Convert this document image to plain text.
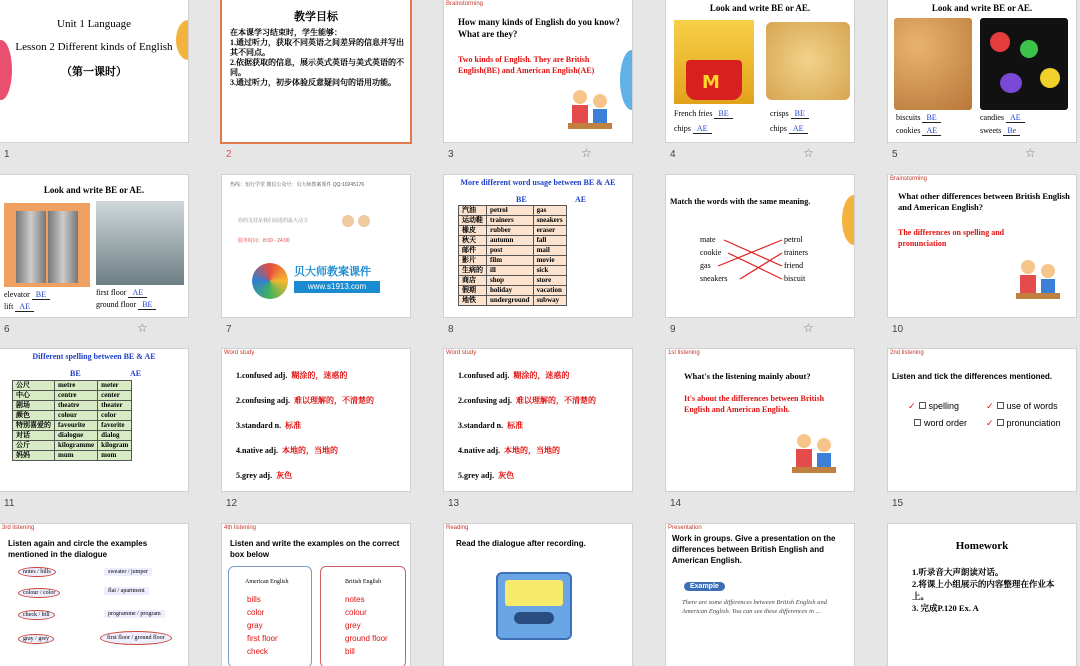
Unit 1 Language
Lesson 2 Different kinds of English
（第一课时）
1
教学目标
在本课学习结束时，学生能够：
1.通过听力，获取不同英语之间差异的信息并写出其不同点。
2.依据获取的信息，展示英式英语与美式英语的不同。
3.通过听力，初步体验反意疑问句的语用功能。
2
Brainstorming
How many kinds of English do you know? What are they?
Two kinds of English. They are British English(BE) and American English(AE)
3	☆
Look and write BE or AE.
M
French fries BE
chips AE
crisps BE
chips AE
4	☆
Look and write BE or AE.
biscuits BE
cookies AE
candies AE
sweets Be
5	☆
Look and write BE or AE.
elevator BE
lift AE
first floor AE
ground floor BE
6	☆
热线：知行学堂 微信公众号：贝大师教案课件 QQ:10245176
你的支持是我们前进的最大动力
服务时间：8:00 - 24:00
贝大师教案课件
www.s1913.com
7
More different word usage between BE & AE
BE	AE
汽油	petrol	gas
运动鞋	trainers	sneakers
橡皮	rubber	eraser
秋天	autumn	fall
邮件	post	mail
影片	film	movie
生病的	ill	sick
商店	shop	store
假期	holiday	vacation
地铁	underground	subway
8
Match the words with the same meaning.
mate
cookie
gas
sneakers
petrol
trainers
friend
biscuit
9	☆
Brainstorming
What other differences between British English and American English?
The differences on spelling and pronunciation
10
Different spelling between BE & AE
BE	AE
公尺	metre	meter
中心	centre	center
剧场	theatre	theater
颜色	colour	color
特别喜爱的	favourite	favorite
对话	dialogue	dialog
公斤	kilogramme	kilogram
妈妈	mum	mom
11
Word study
1.confused adj. 糊涂的，迷惑的
2.confusing adj. 难以理解的，不清楚的
3.standard n. 标准
4.native adj. 本地的，当地的
5.grey adj. 灰色
12
Word study
1.confused adj. 糊涂的，迷惑的
2.confusing adj. 难以理解的，不清楚的
3.standard n. 标准
4.native adj. 本地的，当地的
5.grey adj. 灰色
13
1st listening
What's the listening mainly about?
It's about the differences between British English and American English.
14
2nd listening
Listen and tick the differences mentioned.
✓ spelling	✓ use of words
word order ✓ pronunciation
15
3rd listening
Listen again and circle the examples mentioned in the dialogue
notes / bills	sweater / jumper
colour / color	flat / apartment
check / bill	programme / program
gray / grey	first floor / ground floor
4th listening
Listen and write the examples on the correct box below
American English
bills
color
gray
first floor
check
British English
notes
colour
grey
ground floor
bill
Reading
Read the dialogue after recording.
Presentation
Work in groups. Give a presentation on the differences between British English and American English.
Example
There are some differences between British English and American English. You can see these differences in ...
Homework
1.听录音大声朗读对话。
2.将课上小组展示的内容整理在作业本上。
3. 完成P.120 Ex. A
